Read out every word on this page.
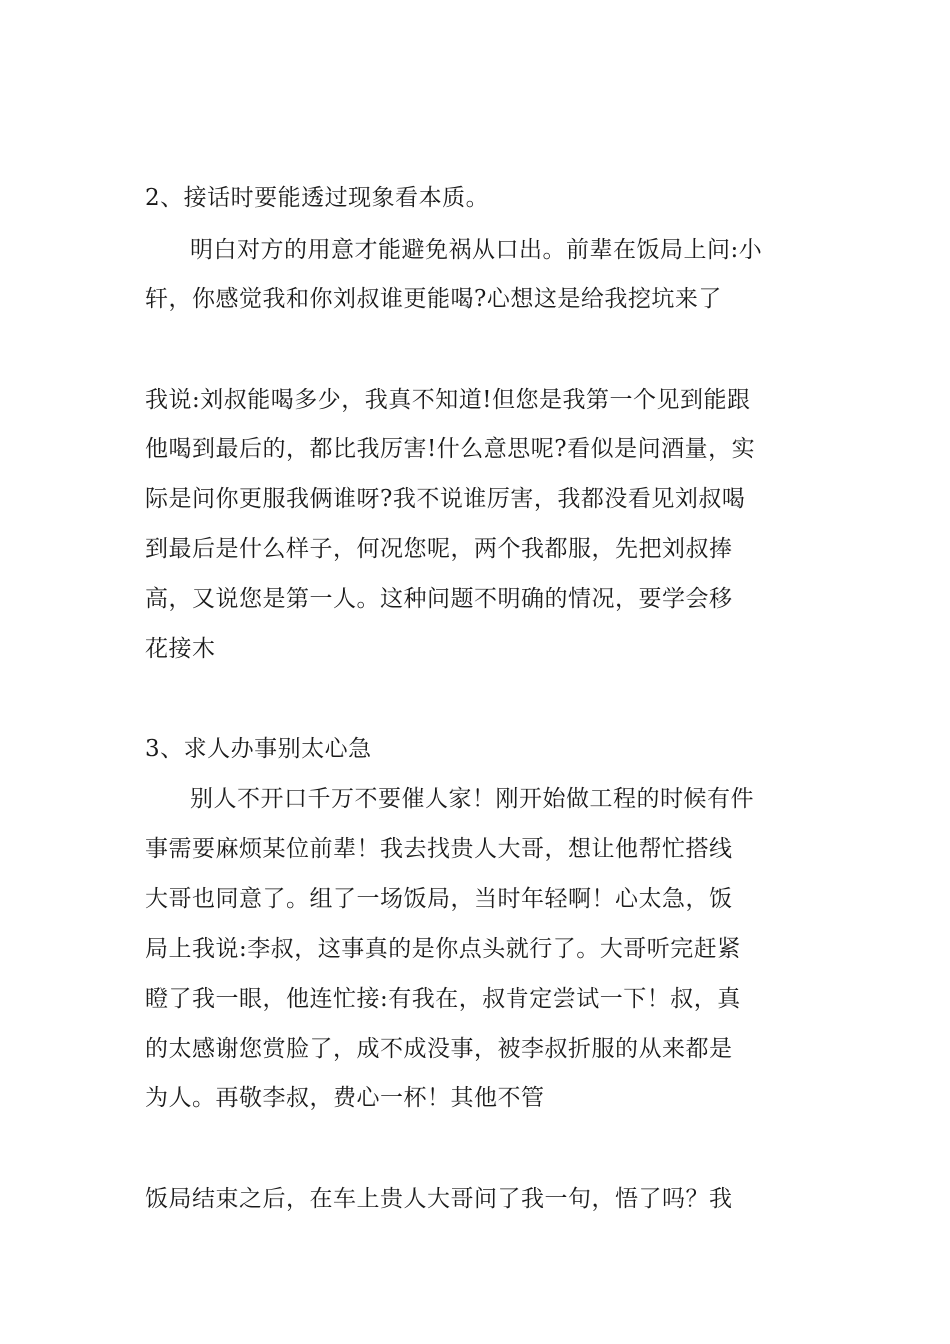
2、接话时要能透过现象看本质。
明白对方的用意才能避免祸从口出。前辈在饭局上问:小
轩，你感觉我和你刘叔谁更能喝?心想这是给我挖坑来了
我说:刘叔能喝多少，我真不知道!但您是我第一个见到能跟
他喝到最后的，都比我厉害!什么意思呢?看似是问酒量，实
际是问你更服我俩谁呀?我不说谁厉害，我都没看见刘叔喝
到最后是什么样子，何况您呢，两个我都服，先把刘叔捧
高，又说您是第一人。这种问题不明确的情况，要学会移
花接木
3、求人办事别太心急
别人不开口千万不要催人家！刚开始做工程的时候有件
事需要麻烦某位前辈！我去找贵人大哥，想让他帮忙搭线
大哥也同意了。组了一场饭局，当时年轻啊！心太急，饭
局上我说:李叔，这事真的是你点头就行了。大哥听完赶紧
瞪了我一眼，他连忙接:有我在，叔肯定尝试一下！叔，真
的太感谢您赏脸了，成不成没事，被李叔折服的从来都是
为人。再敬李叔，费心一杯！其他不管
饭局结束之后，在车上贵人大哥问了我一句，悟了吗？我
